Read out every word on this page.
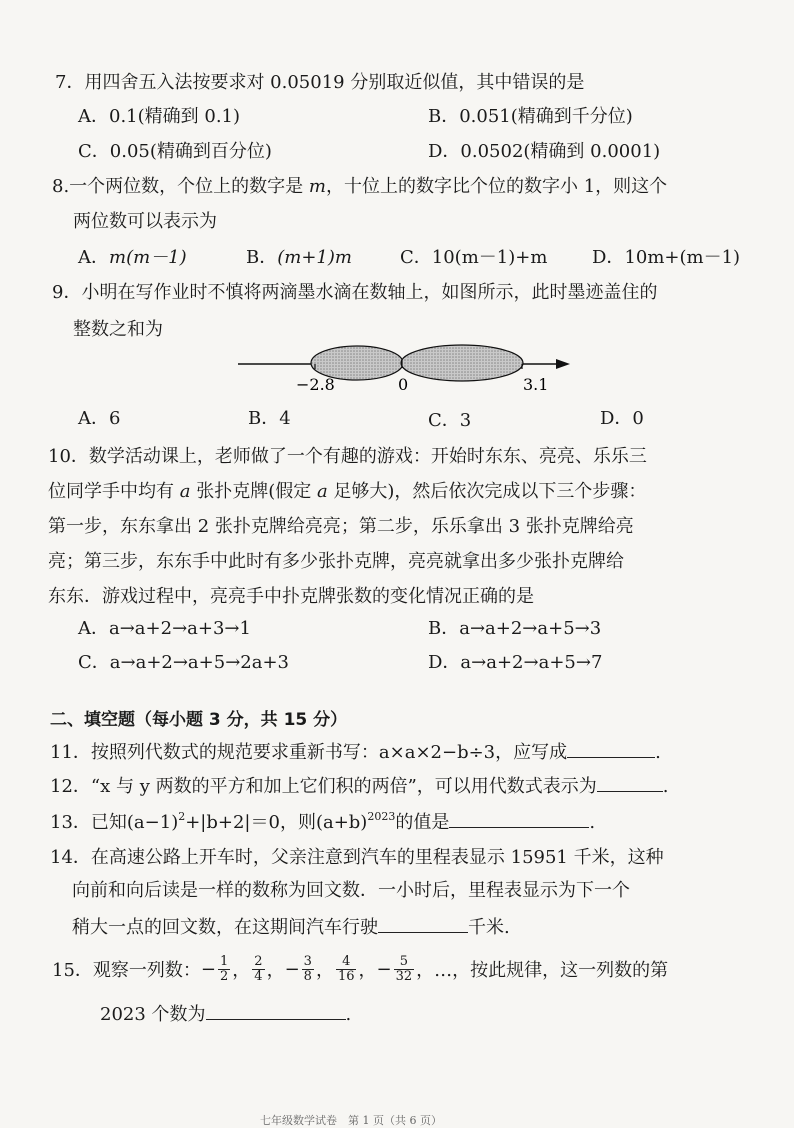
7．用四舍五入法按要求对 0.05019 分别取近似值，其中错误的是
A．0.1(精确到 0.1)	B．0.051(精确到千分位)
C．0.05(精确到百分位)	D．0.0502(精确到 0.0001)
8.一个两位数，个位上的数字是 m，十位上的数字比个位的数字小 1，则这个
两位数可以表示为
A．m(m－1)	B．(m+1)m	C．10(m－1)+m D．10m+(m－1)
9．小明在写作业时不慎将两滴墨水滴在数轴上，如图所示，此时墨迹盖住的
整数之和为
−2.8	0	3.1
A．6	B．4	C．3	D．0
10．数学活动课上，老师做了一个有趣的游戏：开始时东东、亮亮、乐乐三
位同学手中均有 a 张扑克牌(假定 a 足够大)，然后依次完成以下三个步骤：
第一步，东东拿出 2 张扑克牌给亮亮；第二步，乐乐拿出 3 张扑克牌给亮
亮；第三步，东东手中此时有多少张扑克牌，亮亮就拿出多少张扑克牌给
东东．游戏过程中，亮亮手中扑克牌张数的变化情况正确的是
A．a→a+2→a+3→1	B．a→a+2→a+5→3
C．a→a+2→a+5→2a+3	D．a→a+2→a+5→7
二、填空题（每小题 3 分，共 15 分）
11．按照列代数式的规范要求重新书写：a×a×2−b÷3，应写成	.
12．“x 与 y 两数的平方和加上它们积的两倍”，可以用代数式表示为	.
13．已知$(a-1)^2+|b+2|=0$，则$(a+b)^{2023}$的值是	.
14．在高速公路上开车时，父亲注意到汽车的里程表显示 15951 千米，这种
向前和向后读是一样的数称为回文数．一小时后，里程表显示为下一个
稍大一点的回文数，在这期间汽车行驶	千米.
15．观察一列数： − $\frac{1}{2}$ ， $\frac{2}{4}$ ， − $\frac{3}{8}$ ， $\frac{4}{16}$ ， − $\frac{5}{32}$ ，…，按此规律，这一列数的第
2023 个数为	.
七年级数学试卷　第 1 页（共 6 页）
